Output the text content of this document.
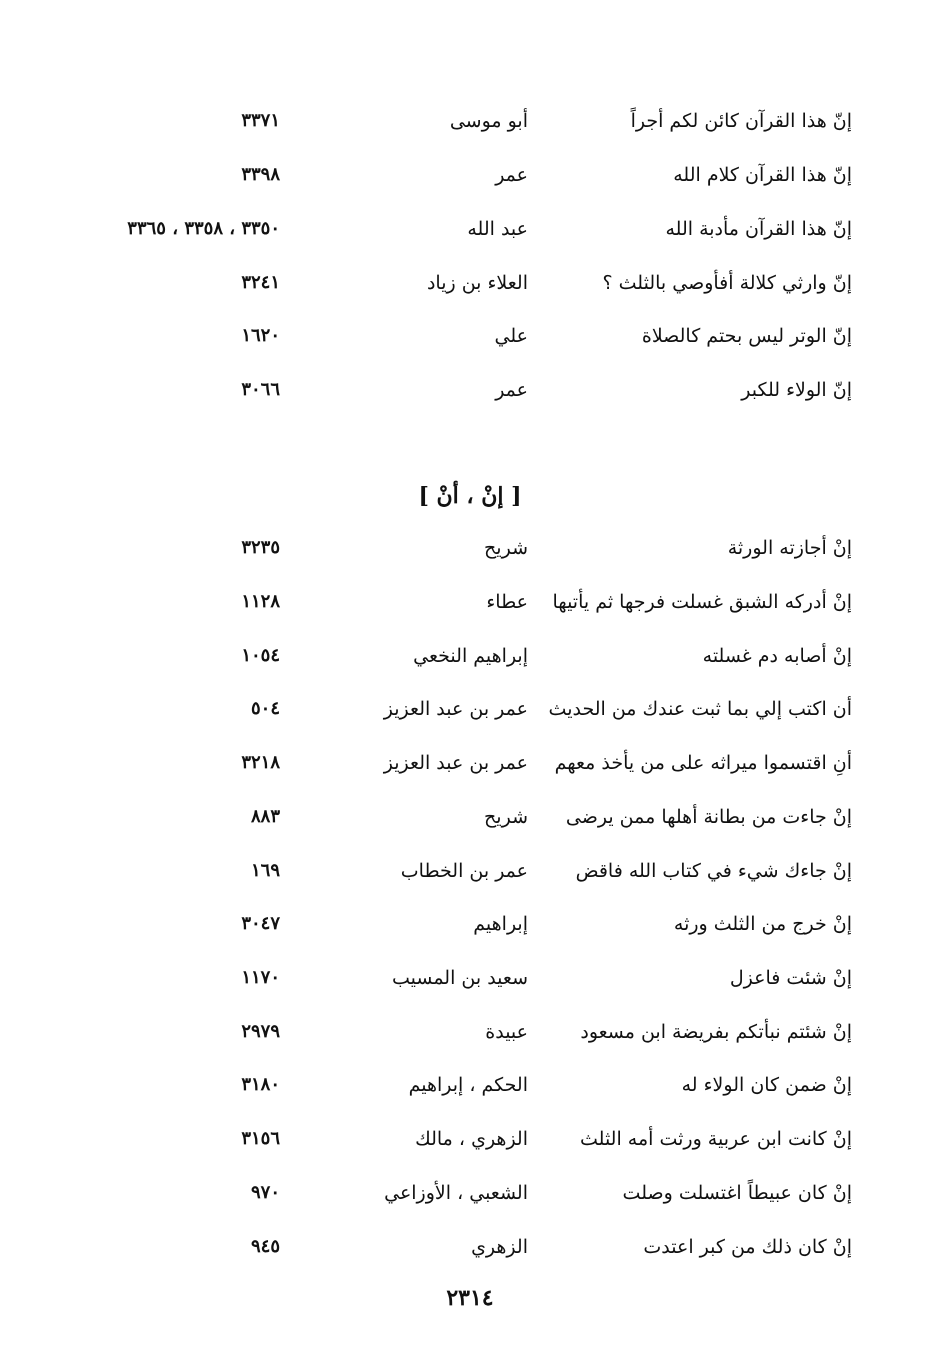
إنّ هذا القرآن كائن لكم أجراً
أبو موسى
٣٣٧١
إنّ هذا القرآن كلام الله
عمر
٣٣٩٨
إنّ هذا القرآن مأدبة الله
عبد الله
٣٣٥٠ ، ٣٣٥٨ ، ٣٣٦٥
إنّ وارثي كلالة أفأوصي بالثلث ؟
العلاء بن زياد
٣٢٤١
إنّ الوتر ليس بحتم كالصلاة
علي
١٦٢٠
إنّ الولاء للكبر
عمر
٣٠٦٦
[ إنْ ، أنْ ]
إنْ أجازته الورثة
شريح
٣٢٣٥
إنْ أدركه الشبق غسلت فرجها ثم يأتيها
عطاء
١١٢٨
إنْ أصابه دم غسلته
إبراهيم النخعي
١٠٥٤
أن اكتب إلي بما ثبت عندك من الحديث
عمر بن عبد العزيز
٥٠٤
أنِ اقتسموا ميراثه على من يأخذ معهم
عمر بن عبد العزيز
٣٢١٨
إنْ جاءت من بطانة أهلها ممن يرضى
شريح
٨٨٣
إنْ جاءك شيء في كتاب الله فاقض
عمر بن الخطاب
١٦٩
إنْ خرج من الثلث ورثه
إبراهيم
٣٠٤٧
إنْ شئت فاعزل
سعيد بن المسيب
١١٧٠
إنْ شئتم نبأتكم بفريضة ابن مسعود
عبيدة
٢٩٧٩
إنْ ضمن كان الولاء له
الحكم ، إبراهيم
٣١٨٠
إنْ كانت ابن عربية ورثت أمه الثلث
الزهري ، مالك
٣١٥٦
إنْ كان عبيطاً اغتسلت وصلت
الشعبي ، الأوزاعي
٩٧٠
إنْ كان ذلك من كبر اعتدت
الزهري
٩٤٥
٢٣١٤
